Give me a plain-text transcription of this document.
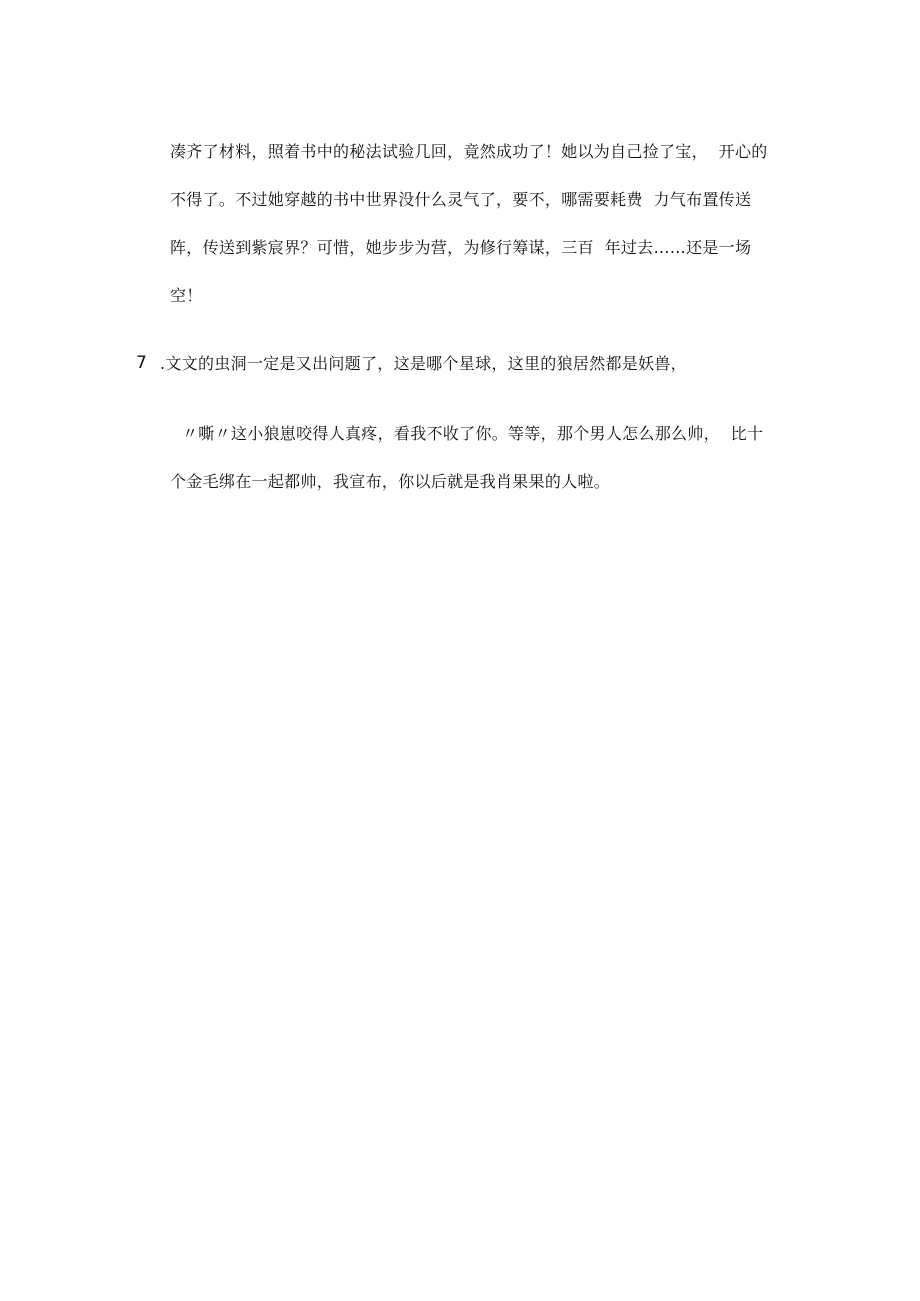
凑齐了材料，照着书中的秘法试验几回，竟然成功了！她以为自己捡了宝，  开心的
不得了。不过她穿越的书中世界没什么灵气了，要不，哪需要耗费  力气布置传送
阵，传送到紫宸界？可惜，她步步为营，为修行筹谋，三百  年过去……还是一场
空！
7 .文文的虫洞一定是又出问题了，这是哪个星球，这里的狼居然都是妖兽，
〃嘶〃这小狼崽咬得人真疼，看我不收了你。等等，那个男人怎么那么帅，  比十
个金毛绑在一起都帅，我宣布，你以后就是我肖果果的人啦。
